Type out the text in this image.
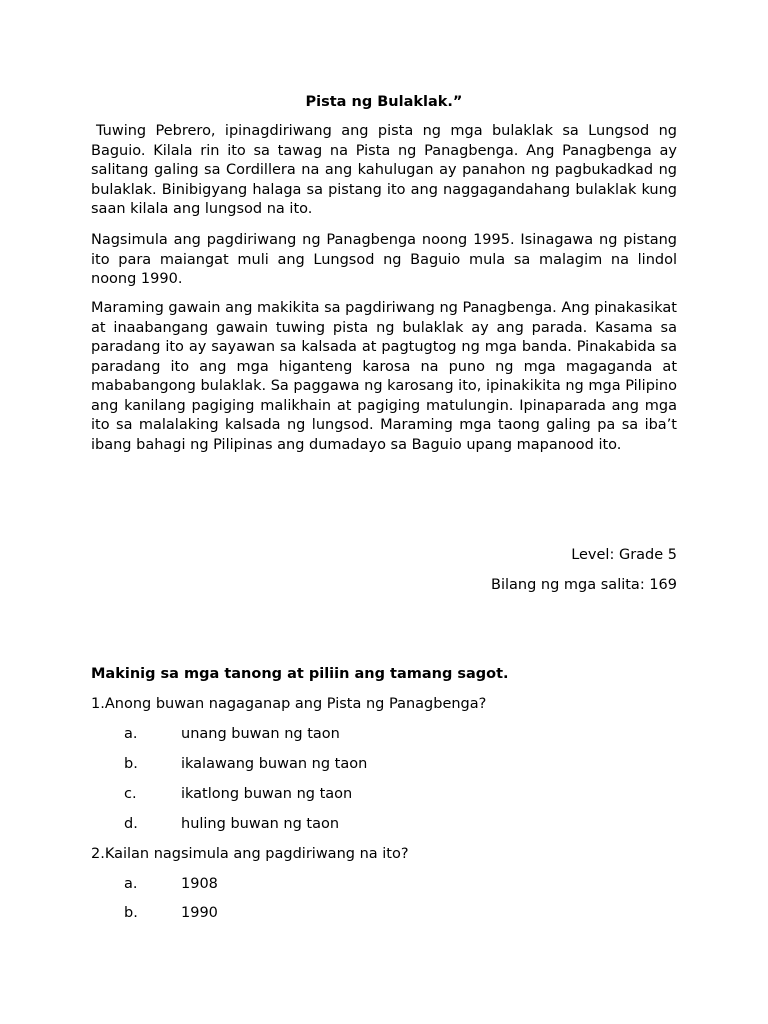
Pista ng Bulaklak.”

Tuwing Pebrero, ipinagdiriwang ang pista ng mga bulaklak sa Lungsod ng Baguio. Kilala rin ito sa tawag na Pista ng Panagbenga. Ang Panagbenga ay salitang galing sa Cordillera na ang kahulugan ay panahon ng pagbukadkad ng bulaklak. Binibigyang halaga sa pistang ito ang naggagandahang bulaklak kung saan kilala ang lungsod na ito.

Nagsimula ang pagdiriwang ng Panagbenga noong 1995. Isinagawa ng pistang ito para maiangat muli ang Lungsod ng Baguio mula sa malagim na lindol noong 1990.

Maraming gawain ang makikita sa pagdiriwang ng Panagbenga. Ang pinakasikat at inaabangang gawain tuwing pista ng bulaklak ay ang parada. Kasama sa paradang ito ay sayawan sa kalsada at pagtugtog ng mga banda. Pinakabida sa paradang ito ang mga higanteng karosa na puno ng mga magaganda at mababangong bulaklak. Sa paggawa ng karosang ito, ipinakikita ng mga Pilipino ang kanilang pagiging malikhain at pagiging matulungin. Ipinaparada ang mga ito sa malalaking kalsada ng lungsod. Maraming mga taong galing pa sa iba’t ibang bahagi ng Pilipinas ang dumadayo sa Baguio upang mapanood ito.

Level: Grade 5

Bilang ng mga salita: 169

Makinig sa mga tanong at piliin ang tamang sagot.

1.Anong buwan nagaganap ang Pista ng Panagbenga?

a.	unang buwan ng taon

b.	ikalawang buwan ng taon

c.	ikatlong buwan ng taon

d.	huling buwan ng taon

2.Kailan nagsimula ang pagdiriwang na ito?

a.	1908

b.	1990
